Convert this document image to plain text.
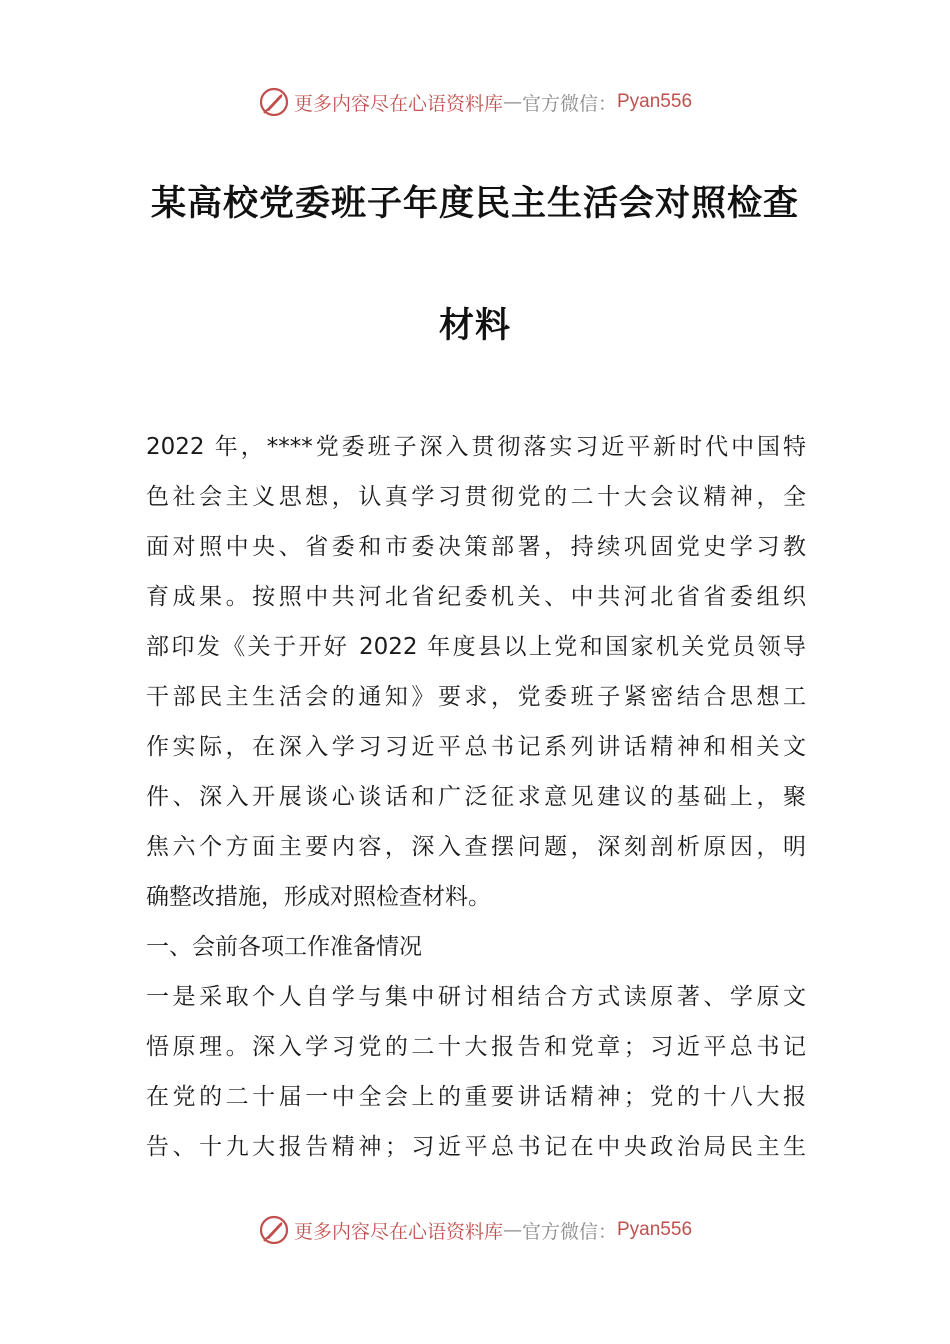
更多内容尽在心语资料库 — 官方微信： Pyan556
某高校党委班子年度民主生活会对照检查
材料
2022 年，****党委班子深入贯彻落实习近平新时代中国特
色社会主义思想，认真学习贯彻党的二十大会议精神，全
面对照中央、省委和市委决策部署，持续巩固党史学习教
育成果。按照中共河北省纪委机关、中共河北省省委组织
部印发《关于开好 2022 年度县以上党和国家机关党员领导
干部民主生活会的通知》要求，党委班子紧密结合思想工
作实际，在深入学习习近平总书记系列讲话精神和相关文
件、深入开展谈心谈话和广泛征求意见建议的基础上，聚
焦六个方面主要内容，深入查摆问题，深刻剖析原因，明
确整改措施，形成对照检查材料。
一、会前各项工作准备情况
一是采取个人自学与集中研讨相结合方式读原著、学原文
悟原理。深入学习党的二十大报告和党章；习近平总书记
在党的二十届一中全会上的重要讲话精神；党的十八大报
告、十九大报告精神；习近平总书记在中央政治局民主生
更多内容尽在心语资料库 — 官方微信： Pyan556
